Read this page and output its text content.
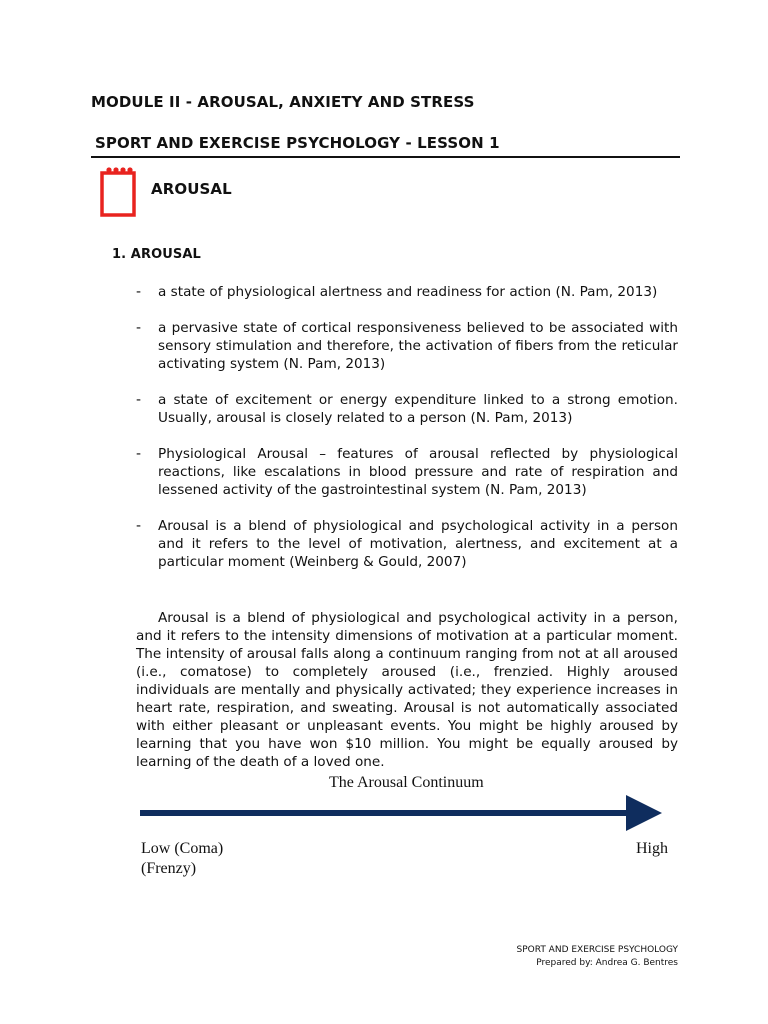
MODULE II - AROUSAL, ANXIETY AND STRESS
SPORT AND EXERCISE PSYCHOLOGY - LESSON 1
AROUSAL
1. AROUSAL
- a state of physiological alertness and readiness for action (N. Pam, 2013)
- a pervasive state of cortical responsiveness believed to be associated with sensory stimulation and therefore, the activation of fibers from the reticular activating system (N. Pam, 2013)
- a state of excitement or energy expenditure linked to a strong emotion. Usually, arousal is closely related to a person (N. Pam, 2013)
- Physiological Arousal – features of arousal reflected by physiological reactions, like escalations in blood pressure and rate of respiration and lessened activity of the gastrointestinal system (N. Pam, 2013)
- Arousal is a blend of physiological and psychological activity in a person and it refers to the level of motivation, alertness, and excitement at a particular moment (Weinberg & Gould, 2007)
Arousal is a blend of physiological and psychological activity in a person, and it refers to the intensity dimensions of motivation at a particular moment. The intensity of arousal falls along a continuum ranging from not at all aroused (i.e., comatose) to completely aroused (i.e., frenzied. Highly aroused individuals are mentally and physically activated; they experience increases in heart rate, respiration, and sweating. Arousal is not automatically associated with either pleasant or unpleasant events. You might be highly aroused by learning that you have won $10 million. You might be equally aroused by learning of the death of a loved one.
The Arousal Continuum
Low (Coma)
(Frenzy)
High
SPORT AND EXERCISE PSYCHOLOGY
Prepared by: Andrea G. Bentres
